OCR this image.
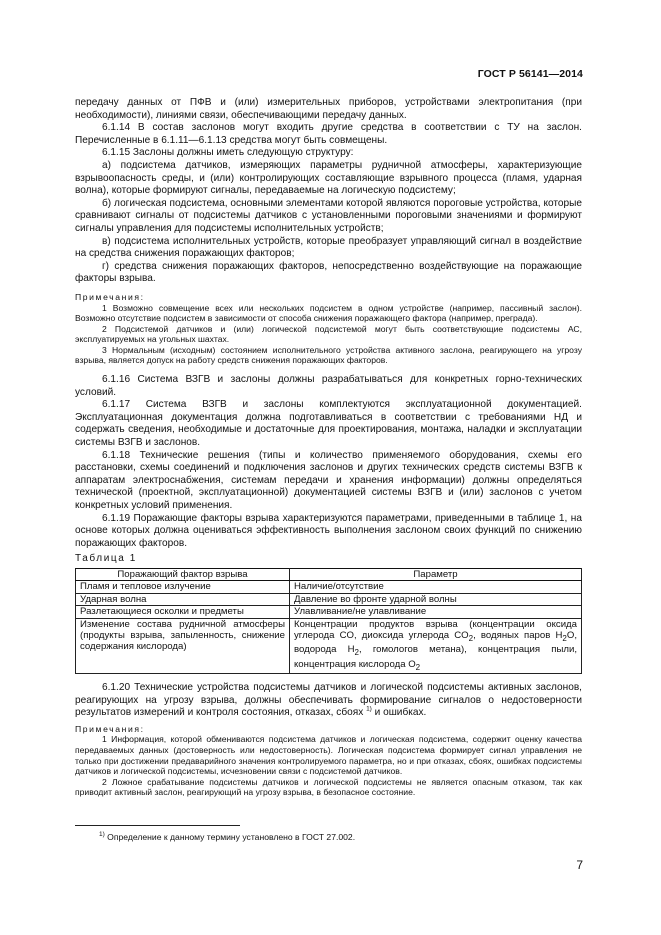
ГОСТ Р 56141—2014

передачу данных от ПФВ и (или) измерительных приборов, устройствами электропитания (при необходимости), линиями связи, обеспечивающими передачу данных.

6.1.14 В состав заслонов могут входить другие средства в соответствии с ТУ на заслон. Перечисленные в 6.1.11—6.1.13 средства могут быть совмещены.

6.1.15 Заслоны должны иметь следующую структуру:

а) подсистема датчиков, измеряющих параметры рудничной атмосферы, характеризующие взрывоопасность среды, и (или) контролирующих составляющие взрывного процесса (пламя, ударная волна), которые формируют сигналы, передаваемые на логическую подсистему;

б) логическая подсистема, основными элементами которой являются пороговые устройства, которые сравнивают сигналы от подсистемы датчиков с установленными пороговыми значениями и формируют сигналы управления для подсистемы исполнительных устройств;

в) подсистема исполнительных устройств, которые преобразует управляющий сигнал в воздействие на средства снижения поражающих факторов;

г) средства снижения поражающих факторов, непосредственно воздействующие на поражающие факторы взрыва.

Примечания:

1 Возможно совмещение всех или нескольких подсистем в одном устройстве (например, пассивный заслон). Возможно отсутствие подсистем в зависимости от способа снижения поражающего фактора (например, преграда).

2 Подсистемой датчиков и (или) логической подсистемой могут быть соответствующие подсистемы АС, эксплуатируемых на угольных шахтах.

3 Нормальным (исходным) состоянием исполнительного устройства активного заслона, реагирующего на угрозу взрыва, является допуск на работу средств снижения поражающих факторов.

6.1.16 Система ВЗГВ и заслоны должны разрабатываться для конкретных горно-технических условий.

6.1.17 Система ВЗГВ и заслоны комплектуются эксплуатационной документацией. Эксплуатационная документация должна подготавливаться в соответствии с требованиями НД и содержать сведения, необходимые и достаточные для проектирования, монтажа, наладки и эксплуатации системы ВЗГВ и заслонов.

6.1.18 Технические решения (типы и количество применяемого оборудования, схемы его расстановки, схемы соединений и подключения заслонов и других технических средств системы ВЗГВ к аппаратам электроснабжения, системам передачи и хранения информации) должны определяться технической (проектной, эксплуатационной) документацией системы ВЗГВ и (или) заслонов с учетом конкретных условий применения.

6.1.19 Поражающие факторы взрыва характеризуются параметрами, приведенными в таблице 1, на основе которых должна оцениваться эффективность выполнения заслоном своих функций по снижению поражающих факторов.

Таблица 1
Поражающий фактор взрыва	Параметр
Пламя и тепловое излучение	Наличие/отсутствие
Ударная волна	Давление во фронте ударной волны
Разлетающиеся осколки и предметы	Улавливание/не улавливание
Изменение состава рудничной атмосферы (продукты взрыва, запыленность, снижение содержания кислорода)	Концентрации продуктов взрыва (концентрации оксида углерода CO, диоксида углерода $CO_2$, водяных паров $H_2O$, водорода $H_2$, гомологов метана), концентрация пыли, концентрация кислорода $O_2$

6.1.20 Технические устройства подсистемы датчиков и логической подсистемы активных заслонов, реагирующих на угрозу взрыва, должны обеспечивать формирование сигналов о недостоверности результатов измерений и контроля состояния, отказах, сбоях $^{1)}$ и ошибках.

Примечания:

1 Информация, которой обмениваются подсистема датчиков и логическая подсистема, содержит оценку качества передаваемых данных (достоверность или недостоверность). Логическая подсистема формирует сигнал управления не только при достижении предаварийного значения контролируемого параметра, но и при отказах, сбоях, ошибках подсистемы датчиков и логической подсистемы, исчезновении связи с подсистемой датчиков.

2 Ложное срабатывание подсистемы датчиков и логической подсистемы не является опасным отказом, так как приводит активный заслон, реагирующий на угрозу взрыва, в безопасное состояние.

$^{1)}$ Определение к данному термину установлено в ГОСТ 27.002.
7
